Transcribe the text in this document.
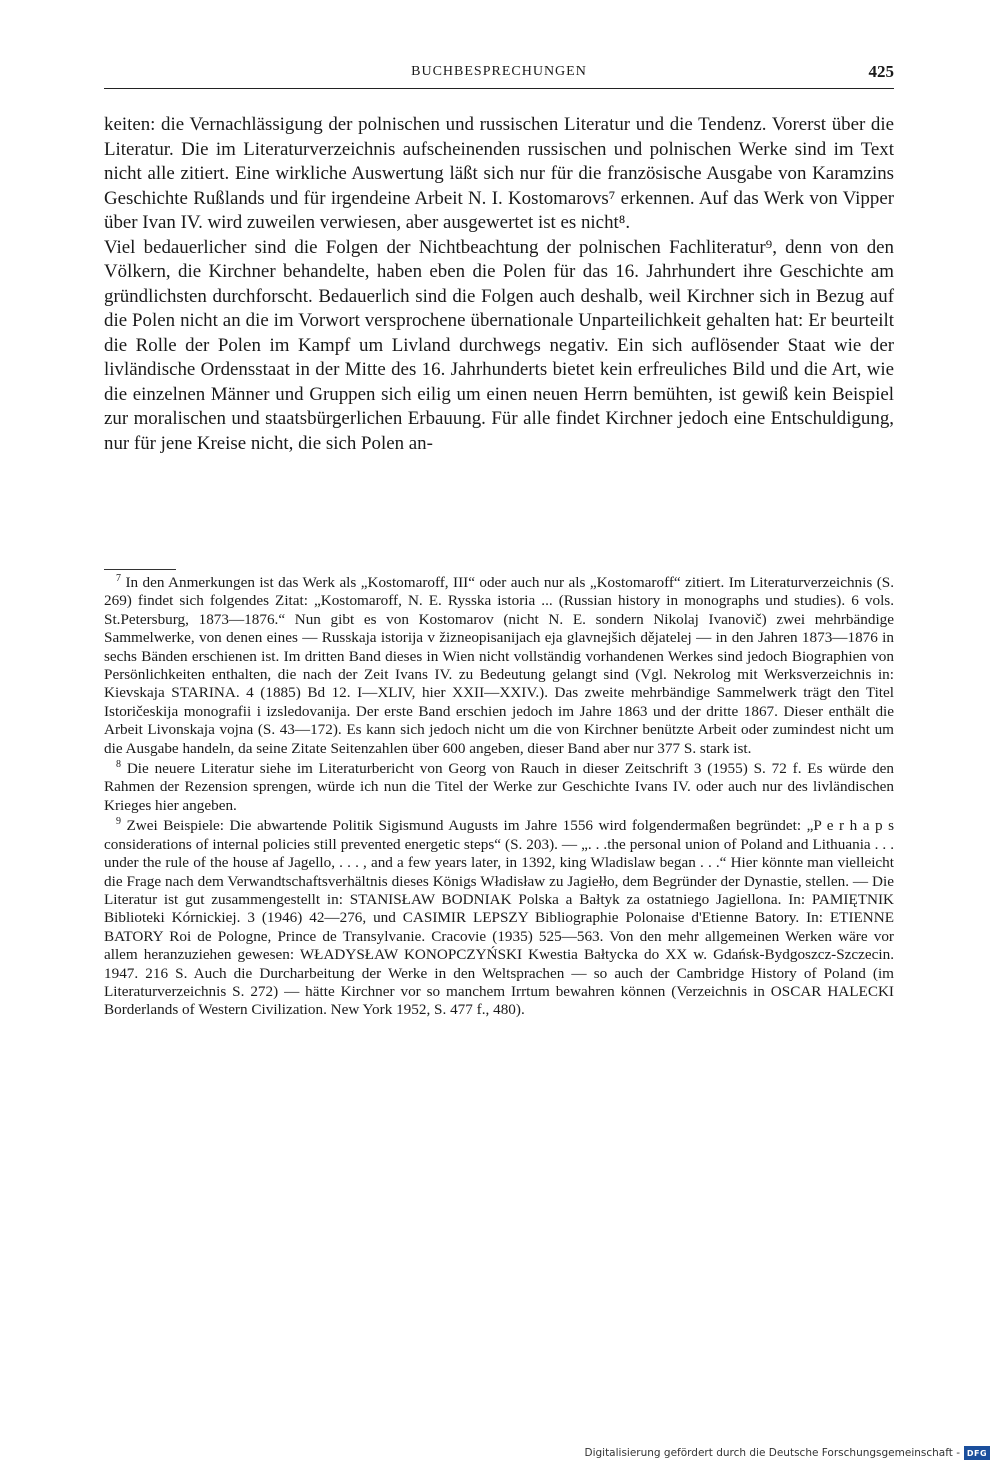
BUCHBESPRECHUNGEN	425

keiten: die Vernachlässigung der polnischen und russischen Literatur und die Tendenz. Vorerst über die Literatur. Die im Literaturverzeichnis aufscheinenden russischen und polnischen Werke sind im Text nicht alle zitiert. Eine wirkliche Auswertung läßt sich nur für die französische Ausgabe von Karamzins Geschichte Rußlands und für irgendeine Arbeit N. I. Kostomarovs⁷ erkennen. Auf das Werk von Vipper über Ivan IV. wird zuweilen verwiesen, aber ausgewertet ist es nicht⁸.

Viel bedauerlicher sind die Folgen der Nichtbeachtung der polnischen Fachliteratur⁹, denn von den Völkern, die Kirchner behandelte, haben eben die Polen für das 16. Jahrhundert ihre Geschichte am gründlichsten durchforscht. Bedauerlich sind die Folgen auch deshalb, weil Kirchner sich in Bezug auf die Polen nicht an die im Vorwort versprochene übernationale Unparteilichkeit gehalten hat: Er beurteilt die Rolle der Polen im Kampf um Livland durchwegs negativ. Ein sich auflösender Staat wie der livländische Ordensstaat in der Mitte des 16. Jahrhunderts bietet kein erfreuliches Bild und die Art, wie die einzelnen Männer und Gruppen sich eilig um einen neuen Herrn bemühten, ist gewiß kein Beispiel zur moralischen und staatsbürgerlichen Erbauung. Für alle findet Kirchner jedoch eine Entschuldigung, nur für jene Kreise nicht, die sich Polen an-

$^7$ In den Anmerkungen ist das Werk als „Kostomaroff, III“ oder auch nur als „Kostomaroff“ zitiert. Im Literaturverzeichnis (S. 269) findet sich folgendes Zitat: „Kostomaroff, N. E. Rysska istoria ... (Russian history in monographs und studies). 6 vols. St.Petersburg, 1873—1876.“ Nun gibt es von Kostomarov (nicht N. E. sondern Nikolaj Ivanovič) zwei mehrbändige Sammelwerke, von denen eines — Russkaja istorija v žizneopisanijach eja glavnejšich dějatelej — in den Jahren 1873—1876 in sechs Bänden erschienen ist. Im dritten Band dieses in Wien nicht vollständig vorhandenen Werkes sind jedoch Biographien von Persönlichkeiten enthalten, die nach der Zeit Ivans IV. zu Bedeutung gelangt sind (Vgl. Nekrolog mit Werksverzeichnis in: Kievskaja STARINA. 4 (1885) Bd 12. I—XLIV, hier XXII—XXIV.). Das zweite mehrbändige Sammelwerk trägt den Titel Istoričeskija monografii i izsledovanija. Der erste Band erschien jedoch im Jahre 1863 und der dritte 1867. Dieser enthält die Arbeit Livonskaja vojna (S. 43—172). Es kann sich jedoch nicht um die von Kirchner benützte Arbeit oder zumindest nicht um die Ausgabe handeln, da seine Zitate Seitenzahlen über 600 angeben, dieser Band aber nur 377 S. stark ist.

$^8$ Die neuere Literatur siehe im Literaturbericht von Georg von Rauch in dieser Zeitschrift 3 (1955) S. 72 f. Es würde den Rahmen der Rezension sprengen, würde ich nun die Titel der Werke zur Geschichte Ivans IV. oder auch nur des livländischen Krieges hier angeben.

$^9$ Zwei Beispiele: Die abwartende Politik Sigismund Augusts im Jahre 1556 wird folgendermaßen begründet: „P e r h a p s considerations of internal policies still prevented energetic steps“ (S. 203). — „. . .the personal union of Poland and Lithuania . . . under the rule of the house af Jagello, . . . , and a few years later, in 1392, king Wladislaw began . . .“ Hier könnte man vielleicht die Frage nach dem Verwandtschaftsverhältnis dieses Königs Władisław zu Jagiełło, dem Begründer der Dynastie, stellen. — Die Literatur ist gut zusammengestellt in: STANISŁAW BODNIAK Polska a Bałtyk za ostatniego Jagiellona. In: PAMIĘTNIK Biblioteki Kórnickiej. 3 (1946) 42—276, und CASIMIR LEPSZY Bibliographie Polonaise d'Etienne Batory. In: ETIENNE BATORY Roi de Pologne, Prince de Transylvanie. Cracovie (1935) 525—563. Von den mehr allgemeinen Werken wäre vor allem heranzuziehen gewesen: WŁADYSŁAW KONOPCZYŃSKI Kwestia Bałtycka do XX w. Gdańsk-Bydgoszcz-Szczecin. 1947. 216 S. Auch die Durcharbeitung der Werke in den Weltsprachen — so auch der Cambridge History of Poland (im Literaturverzeichnis S. 272) — hätte Kirchner vor so manchem Irrtum bewahren können (Verzeichnis in OSCAR HALECKI Borderlands of Western Civilization. New York 1952, S. 477 f., 480).

Digitalisierung gefördert durch die Deutsche Forschungsgemeinschaft - DFG
